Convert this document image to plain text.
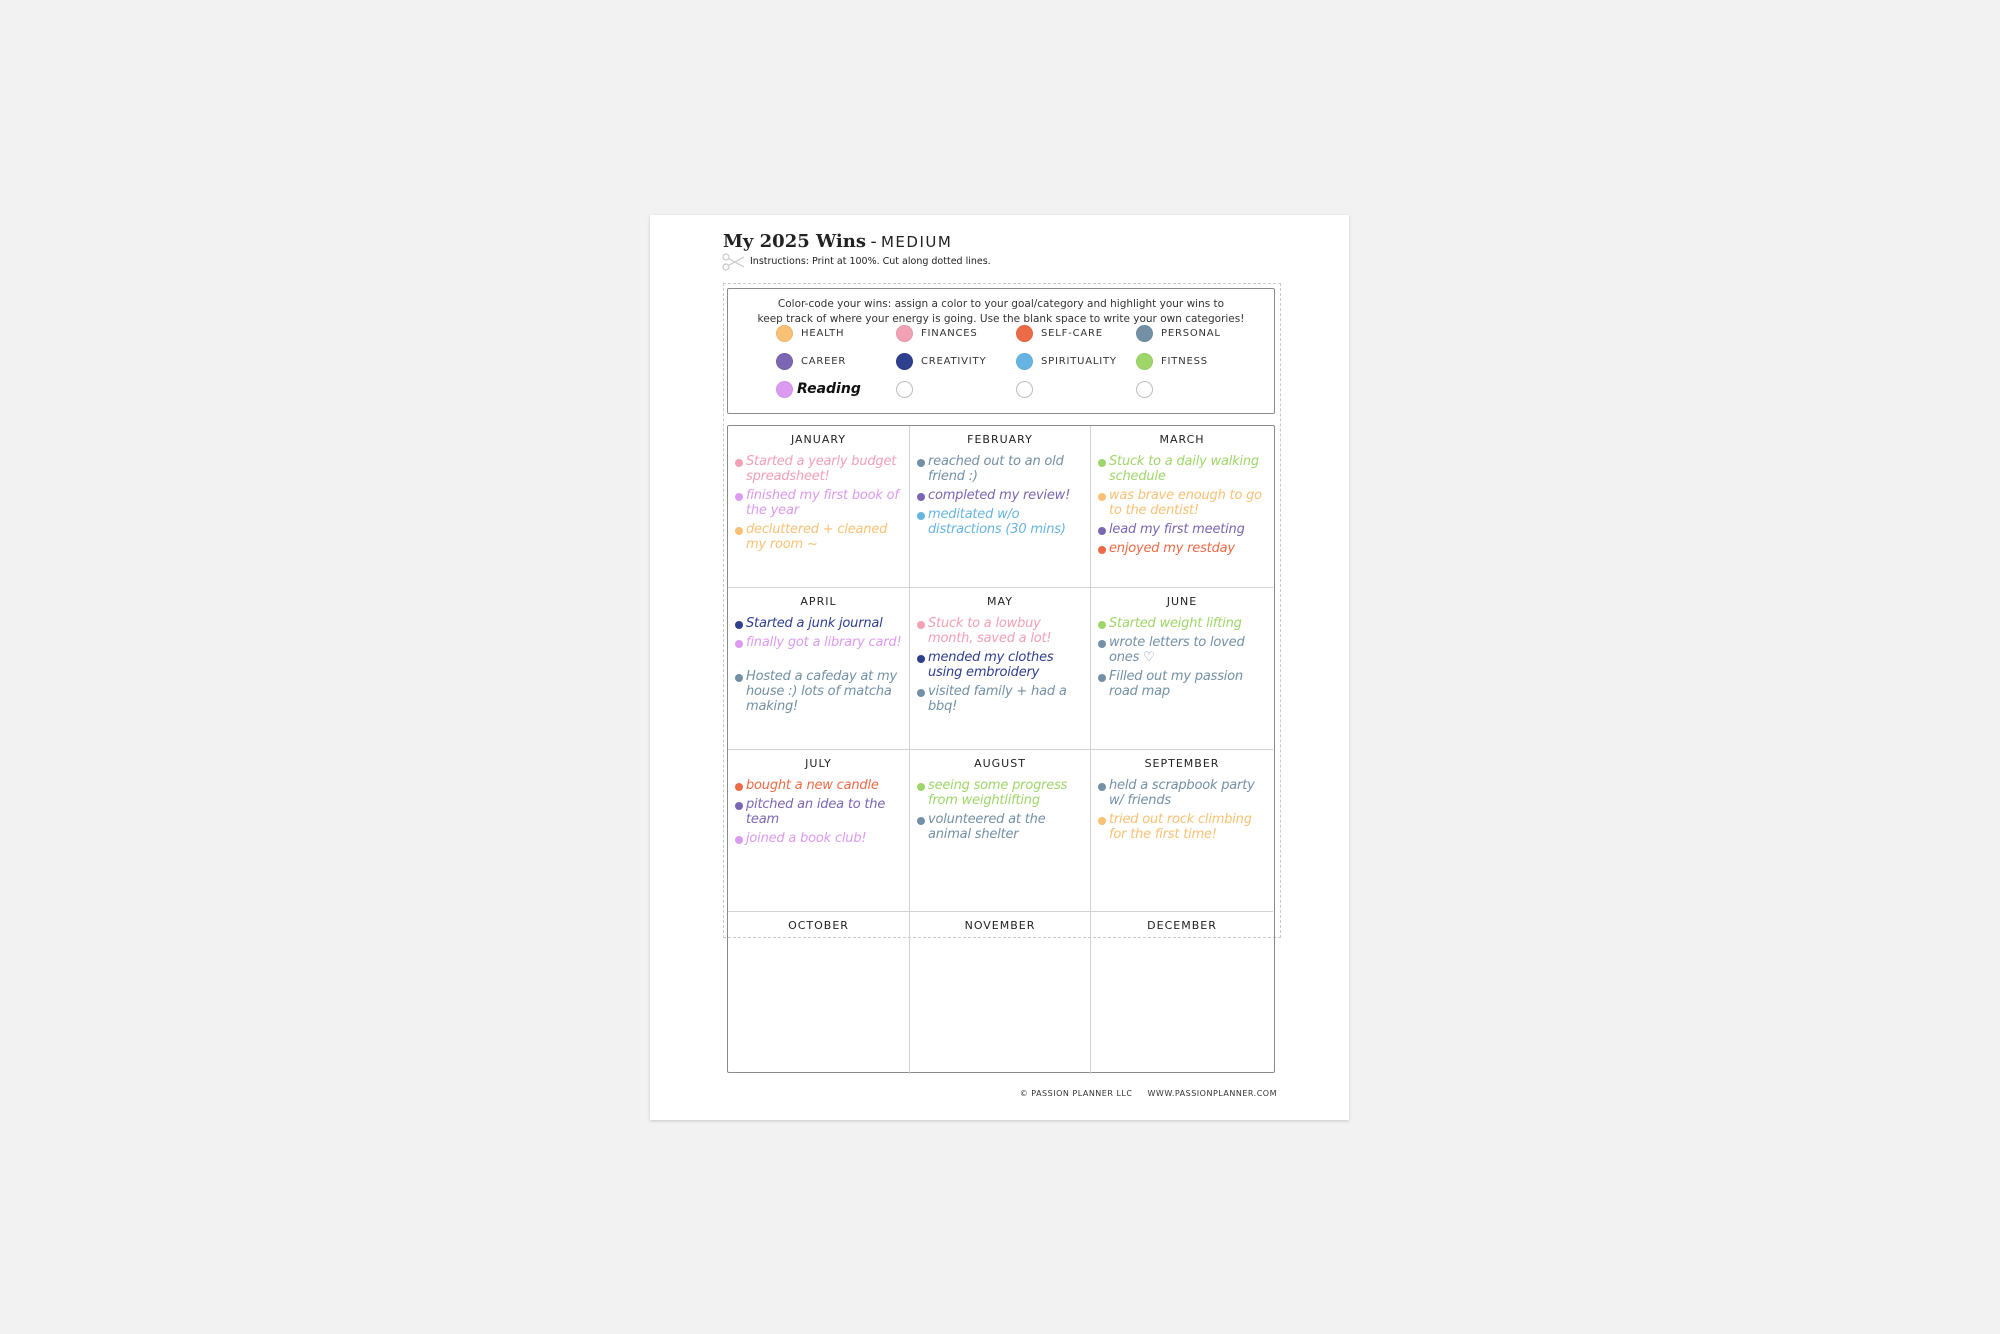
My 2025 Wins - MEDIUM
Instructions: Print at 100%. Cut along dotted lines.
Color-code your wins: assign a color to your goal/category and highlight your wins to
keep track of where your energy is going. Use the blank space to write your own categories!
HEALTH	FINANCES	SELF-CARE	PERSONAL
CAREER	CREATIVITY	SPIRITUALITY	FITNESS
Reading
JANUARY
Started a yearly budget spreadsheet!
finished my first book of the year
decluttered + cleaned my room ~
FEBRUARY
reached out to an old friend :)
completed my review!
meditated w/o distractions (30 mins)
MARCH
Stuck to a daily walking schedule
was brave enough to go to the dentist!
lead my first meeting
enjoyed my restday
APRIL
Started a junk journal
finally got a library card!
Hosted a cafeday at my house :) lots of matcha making!
MAY
Stuck to a lowbuy month, saved a lot!
mended my clothes using embroidery
visited family + had a bbq!
JUNE
Started weight lifting
wrote letters to loved ones ♡
Filled out my passion road map
JULY
bought a new candle
pitched an idea to the team
joined a book club!
AUGUST
seeing some progress from weightlifting
volunteered at the animal shelter
SEPTEMBER
held a scrapbook party w/ friends
tried out rock climbing for the first time!
OCTOBER	NOVEMBER	DECEMBER
© PASSION PLANNER LLC WWW.PASSIONPLANNER.COM
